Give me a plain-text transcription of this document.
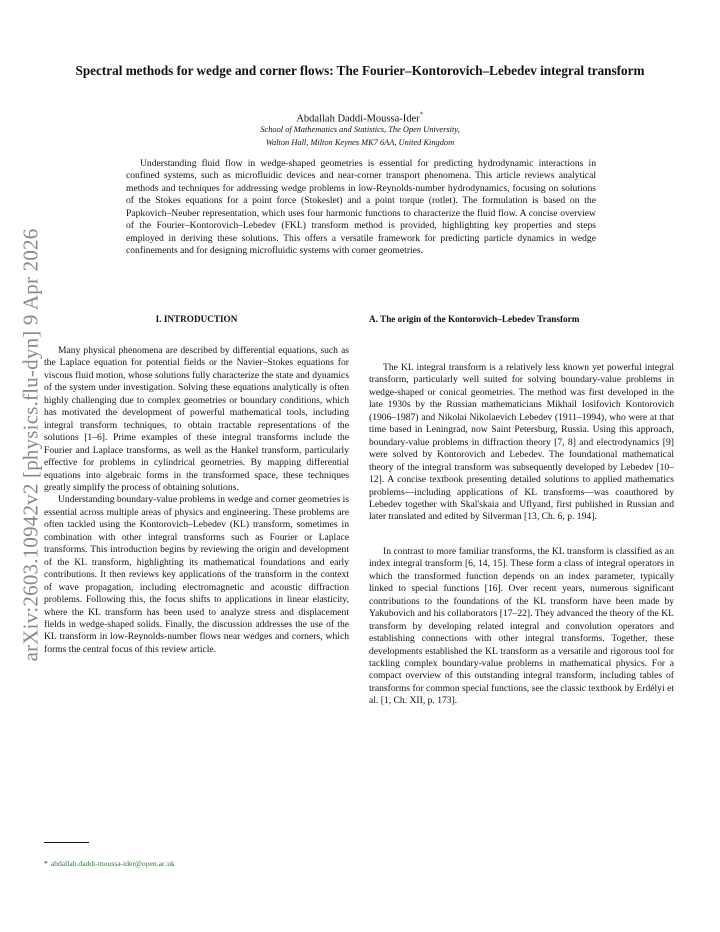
arXiv:2603.10942v2 [physics.flu-dyn] 9 Apr 2026
Spectral methods for wedge and corner flows: The Fourier–Kontorovich–Lebedev integral transform
Abdallah Daddi-Moussa-Ider*
School of Mathematics and Statistics, The Open University,
Walton Hall, Milton Keynes MK7 6AA, United Kingdom

Understanding fluid flow in wedge-shaped geometries is essential for predicting hydrodynamic interactions in confined systems, such as microfluidic devices and near-corner transport phenomena. This article reviews analytical methods and techniques for addressing wedge problems in low-Reynolds-number hydrodynamics, focusing on solutions of the Stokes equations for a point force (Stokeslet) and a point torque (rotlet). The formulation is based on the Papkovich–Neuber representation, which uses four harmonic functions to characterize the fluid flow. A concise overview of the Fourier–Kontorovich–Lebedev (FKL) transform method is provided, highlighting key properties and steps employed in deriving these solutions. This offers a versatile framework for predicting particle dynamics in wedge confinements and for designing microfluidic systems with corner geometries.

I. INTRODUCTION

Many physical phenomena are described by differential equations, such as the Laplace equation for potential fields or the Navier–Stokes equations for viscous fluid motion, whose solutions fully characterize the state and dynamics of the system under investigation. Solving these equations analytically is often highly challenging due to complex geometries or boundary conditions, which has motivated the development of powerful mathematical tools, including integral transform techniques, to obtain tractable representations of the solutions [1–6]. Prime examples of these integral transforms include the Fourier and Laplace transforms, as well as the Hankel transform, particularly effective for problems in cylindrical geometries. By mapping differential equations into algebraic forms in the transformed space, these techniques greatly simplify the process of obtaining solutions.

Understanding boundary-value problems in wedge and corner geometries is essential across multiple areas of physics and engineering. These problems are often tackled using the Kontorovich–Lebedev (KL) transform, sometimes in combination with other integral transforms such as Fourier or Laplace transforms. This introduction begins by reviewing the origin and development of the KL transform, highlighting its mathematical foundations and early contributions. It then reviews key applications of the transform in the context of wave propagation, including electromagnetic and acoustic diffraction problems. Following this, the focus shifts to applications in linear elasticity, where the KL transform has been used to analyze stress and displacement fields in wedge-shaped solids. Finally, the discussion addresses the use of the KL transform in low-Reynolds-number flows near wedges and corners, which forms the central focus of this review article.

A. The origin of the Kontorovich–Lebedev Transform

The KL integral transform is a relatively less known yet powerful integral transform, particularly well suited for solving boundary-value problems in wedge-shaped or conical geometries. The method was first developed in the late 1930s by the Russian mathematicians Mikhail Iosifovich Kontorovich (1906–1987) and Nikolai Nikolaevich Lebedev (1911–1994), who were at that time based in Leningrad, now Saint Petersburg, Russia. Using this approach, boundary-value problems in diffraction theory [7, 8] and electrodynamics [9] were solved by Kontorovich and Lebedev. The foundational mathematical theory of the integral transform was subsequently developed by Lebedev [10–12]. A concise textbook presenting detailed solutions to applied mathematics problems—including applications of KL transforms—was coauthored by Lebedev together with Skal'skaia and Uflyand, first published in Russian and later translated and edited by Silverman [13, Ch. 6, p. 194].

In contrast to more familiar transforms, the KL transform is classified as an index integral transform [6, 14, 15]. These form a class of integral operators in which the transformed function depends on an index parameter, typically linked to special functions [16]. Over recent years, numerous significant contributions to the foundations of the KL transform have been made by Yakubovich and his collaborators [17–22]. They advanced the theory of the KL transform by developing related integral and convolution operators and establishing connections with other integral transforms. Together, these developments established the KL transform as a versatile and rigorous tool for tackling complex boundary-value problems in mathematical physics. For a compact overview of this outstanding integral transform, including tables of transforms for common special functions, see the classic textbook by Erdélyi et al. [1, Ch. XII, p. 173].

* abdallah.daddi-moussa-ider@open.ac.uk
